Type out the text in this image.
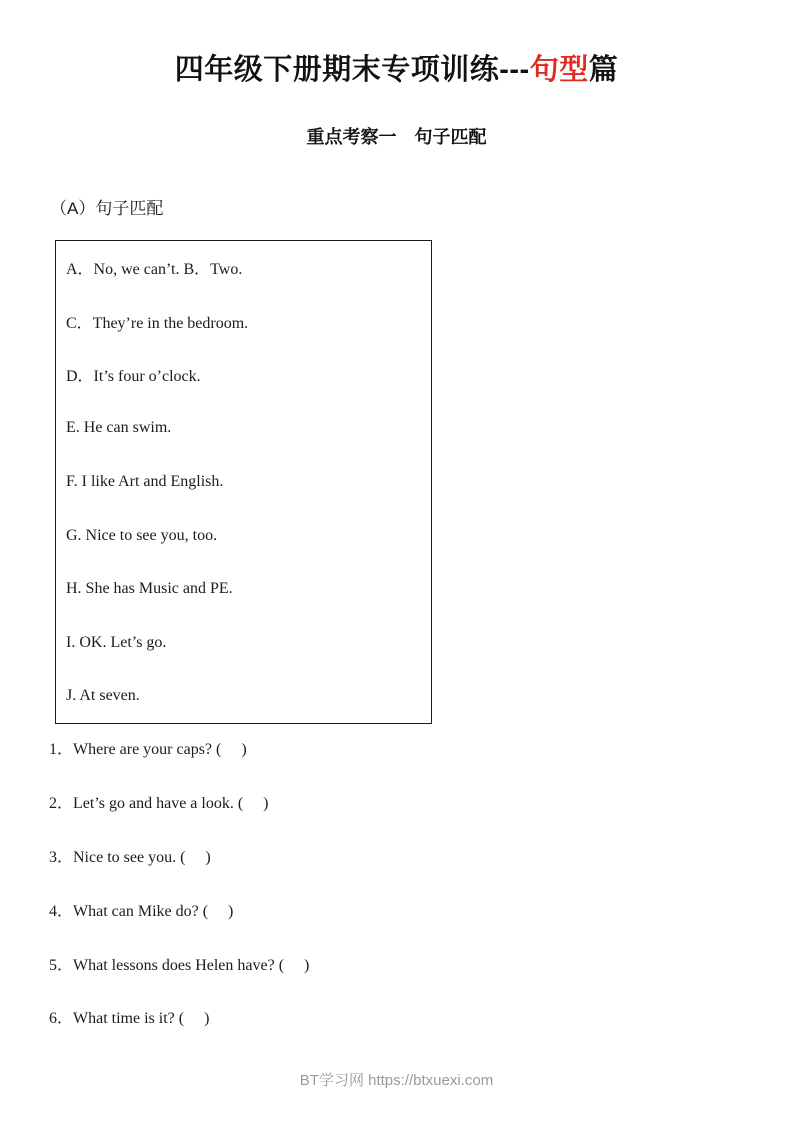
四年级下册期末专项训练---句型篇
重点考察一　句子匹配
（A）句子匹配
A．No, we can’t. B．Two.
C．They’re in the bedroom.
D．It’s four o’clock.
E. He can swim.
F. I like Art and English.
G. Nice to see you, too.
H. She has Music and PE.
I. OK. Let’s go.
J. At seven.
1．Where are your caps? (     )
2．Let’s go and have a look. (     )
3．Nice to see you. (     )
4．What can Mike do? (     )
5．What lessons does Helen have? (     )
6．What time is it? (     )
BT学习网 https://btxuexi.com
